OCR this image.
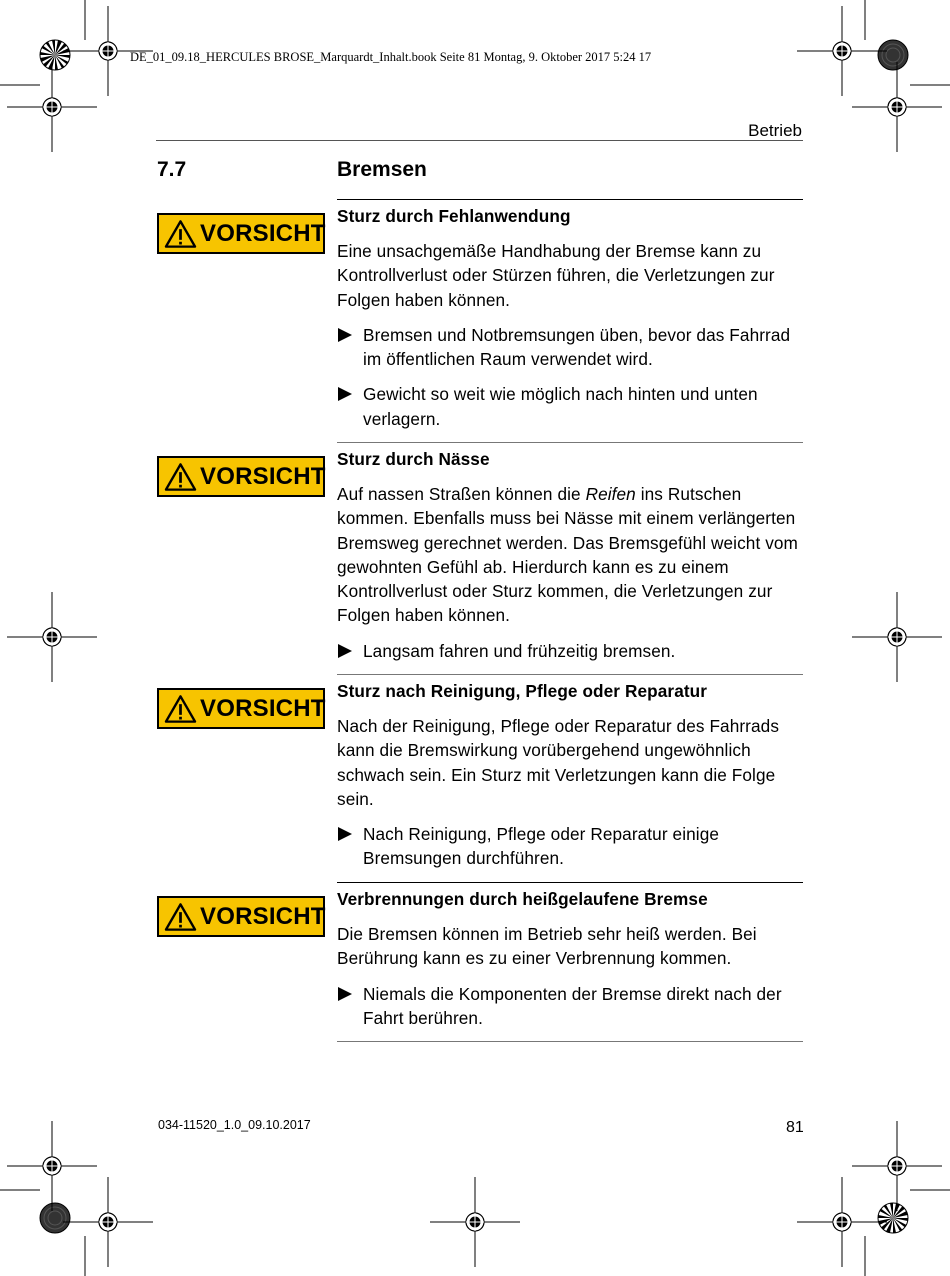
DE_01_09.18_HERCULES BROSE_Marquardt_Inhalt.book Seite 81 Montag, 9. Oktober 2017 5:24 17
Betrieb
7.7	Bremsen
VORSICHT
Sturz durch Fehlanwendung

Eine unsachgemäße Handhabung der Bremse kann zu Kontrollverlust oder Stürzen führen, die Verletzungen zur Folgen haben können.

Bremsen und Notbremsungen üben, bevor das Fahrrad im öffentlichen Raum verwendet wird.
Gewicht so weit wie möglich nach hinten und unten verlagern.
VORSICHT
Sturz durch Nässe

Auf nassen Straßen können die Reifen ins Rutschen kommen. Ebenfalls muss bei Nässe mit einem verlängerten Bremsweg gerechnet werden. Das Bremsgefühl weicht vom gewohnten Gefühl ab. Hierdurch kann es zu einem Kontrollverlust oder Sturz kommen, die Verletzungen zur Folgen haben können.

Langsam fahren und frühzeitig bremsen.
VORSICHT
Sturz nach Reinigung, Pflege oder Reparatur

Nach der Reinigung, Pflege oder Reparatur des Fahrrads kann die Bremswirkung vorübergehend ungewöhnlich schwach sein. Ein Sturz mit Verletzungen kann die Folge sein.

Nach Reinigung, Pflege oder Reparatur einige Bremsungen durchführen.
VORSICHT
Verbrennungen durch heißgelaufene Bremse

Die Bremsen können im Betrieb sehr heiß werden. Bei Berührung kann es zu einer Verbrennung kommen.

Niemals die Komponenten der Bremse direkt nach der Fahrt berühren.
034-11520_1.0_09.10.2017	81
